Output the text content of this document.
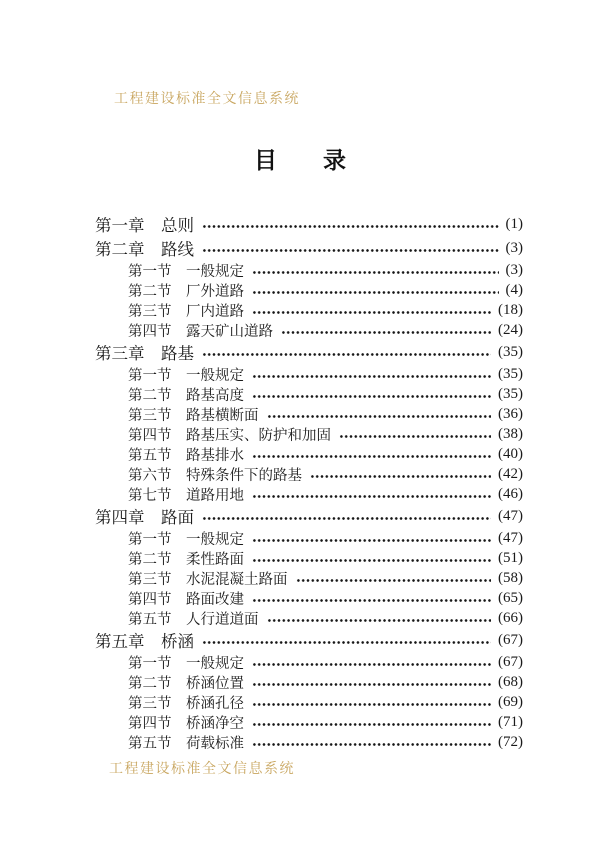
工程建设标准全文信息系统
目　　录
第一章　总则	(1)
第二章　路线	(3)
第一节　一般规定	(3)
第二节　厂外道路	(4)
第三节　厂内道路	(18)
第四节　露天矿山道路	(24)
第三章　路基	(35)
第一节　一般规定	(35)
第二节　路基高度	(35)
第三节　路基横断面	(36)
第四节　路基压实、防护和加固	(38)
第五节　路基排水	(40)
第六节　特殊条件下的路基	(42)
第七节　道路用地	(46)
第四章　路面	(47)
第一节　一般规定	(47)
第二节　柔性路面	(51)
第三节　水泥混凝土路面	(58)
第四节　路面改建	(65)
第五节　人行道道面	(66)
第五章　桥涵	(67)
第一节　一般规定	(67)
第二节　桥涵位置	(68)
第三节　桥涵孔径	(69)
第四节　桥涵净空	(71)
第五节　荷载标准	(72)
工程建设标准全文信息系统
